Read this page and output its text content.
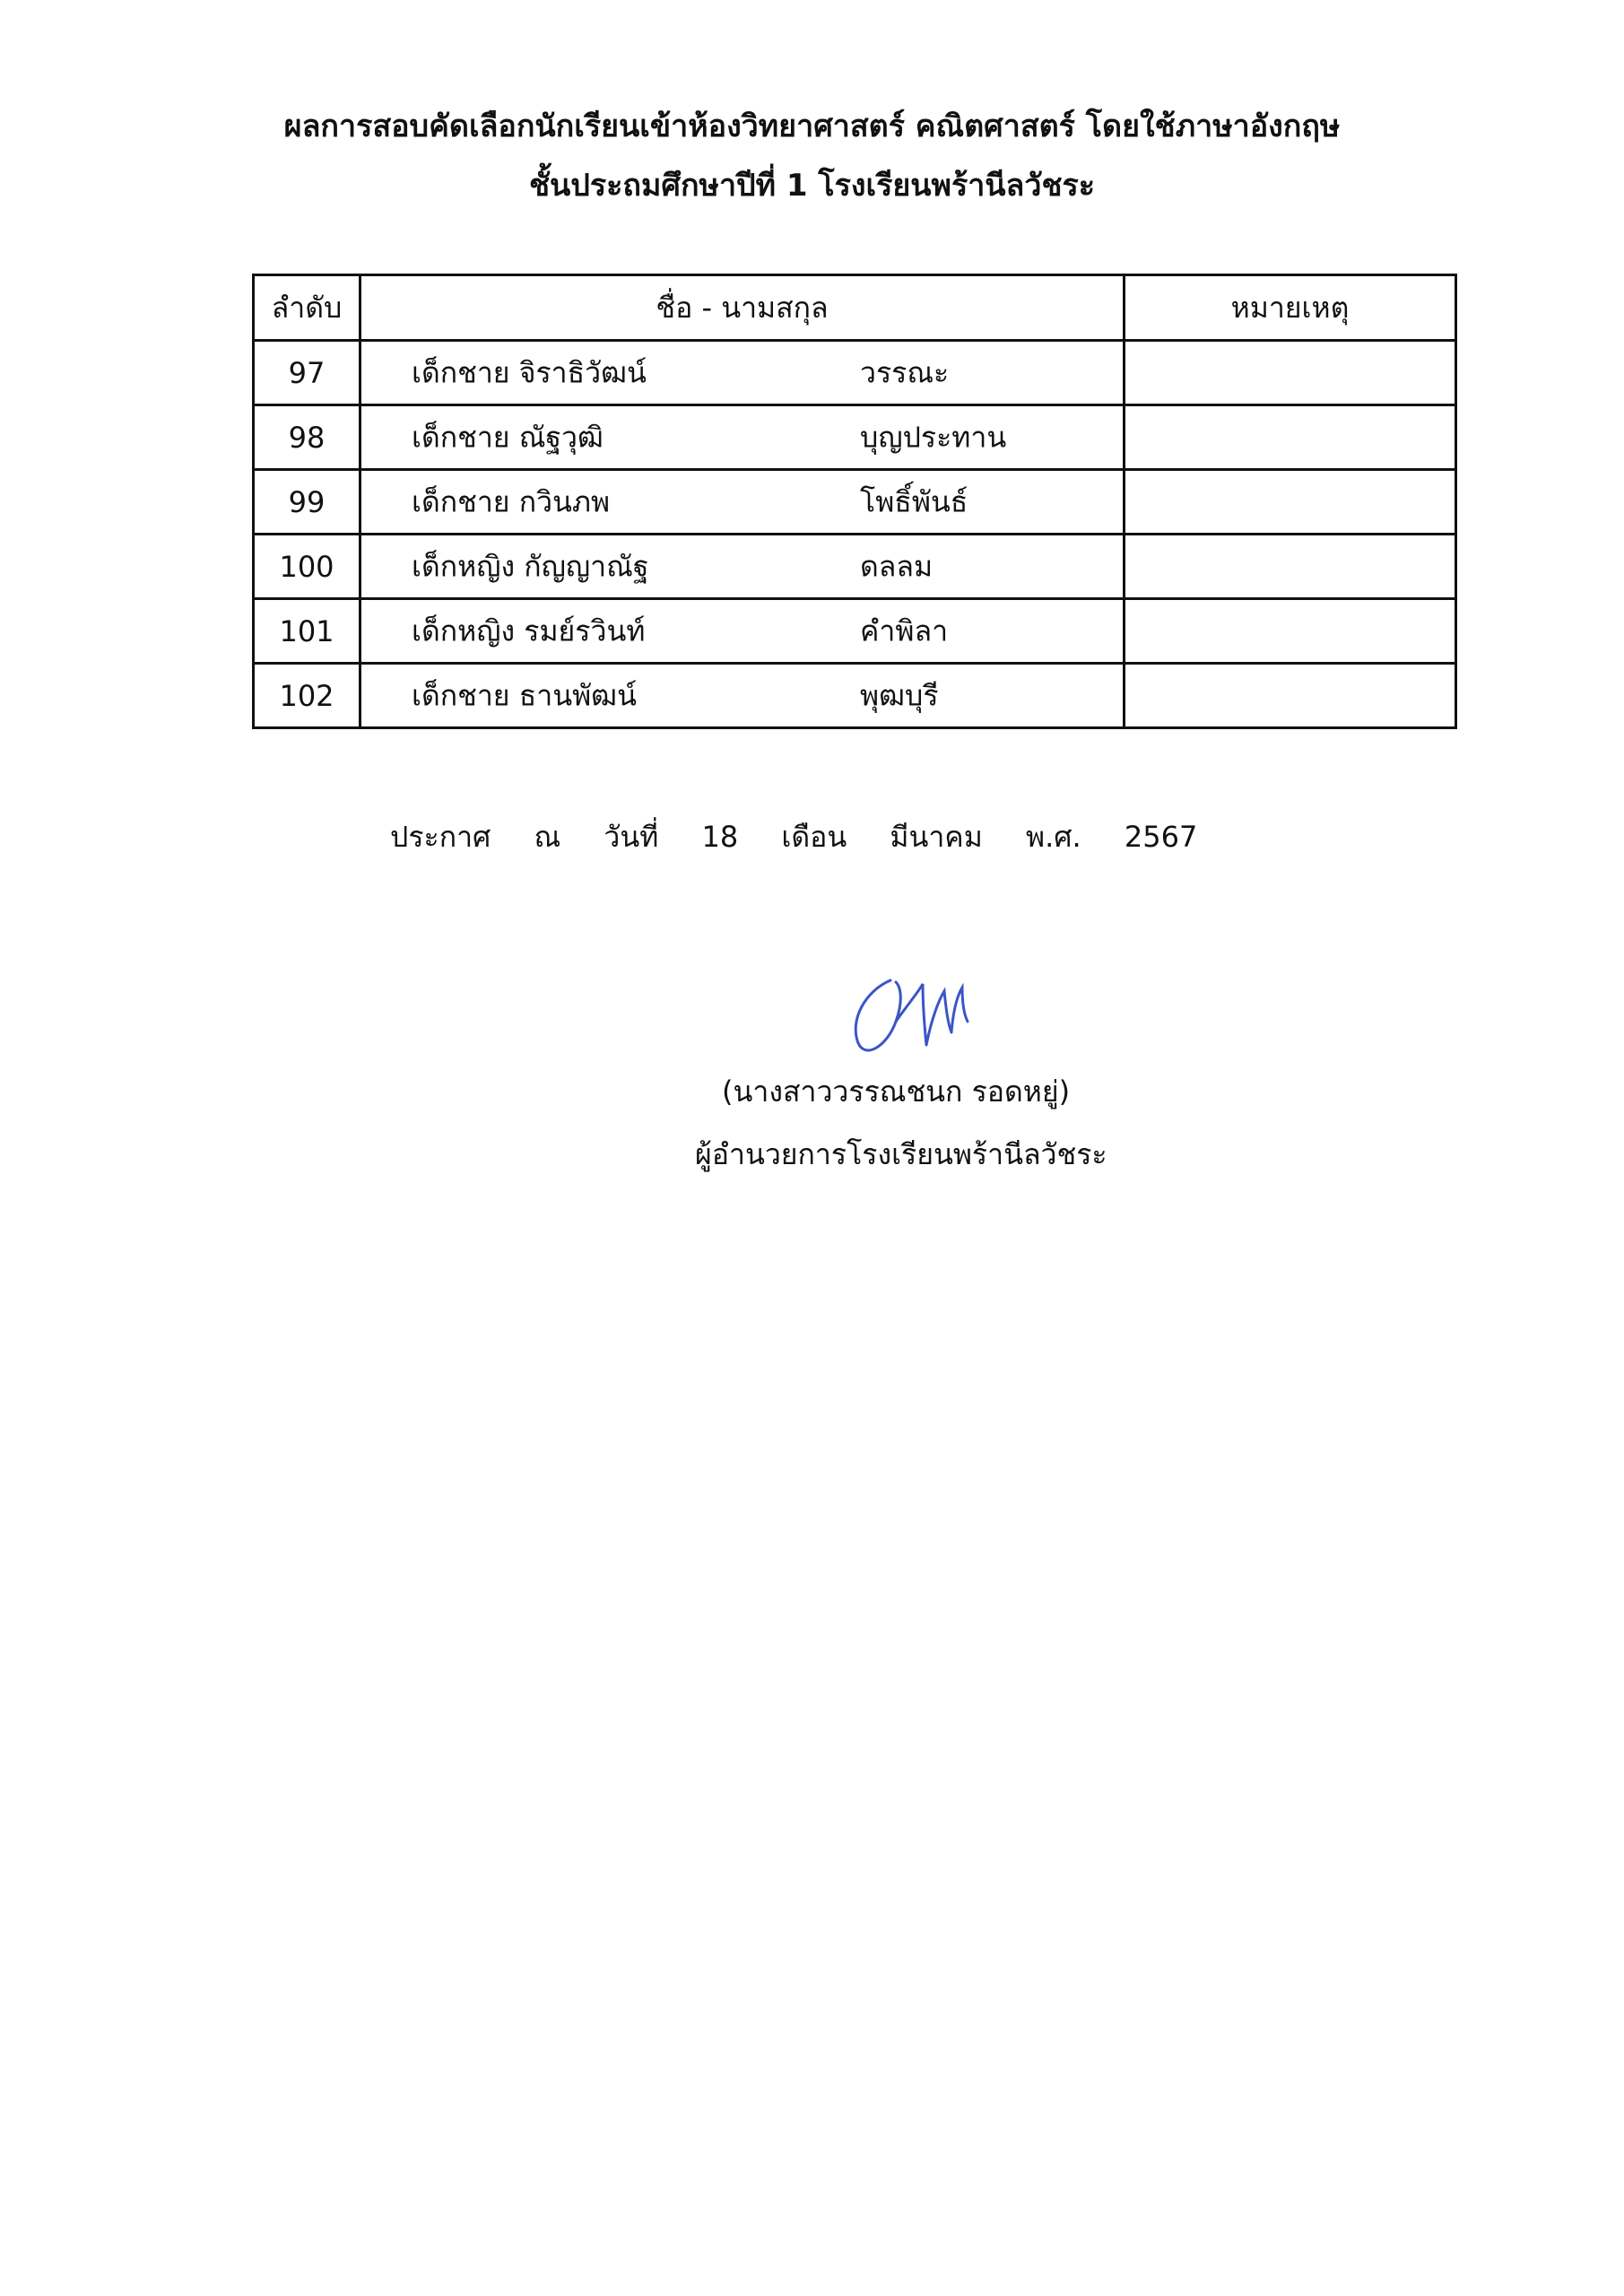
ผลการสอบคัดเลือกนักเรียนเข้าห้องวิทยาศาสตร์ คณิตศาสตร์ โดยใช้ภาษาอังกฤษ
ชั้นประถมศึกษาปีที่ 1 โรงเรียนพร้านีลวัชระ
ลำดับ	ชื่อ - นามสกุล	หมายเหตุ
97	เด็กชาย จิราธิวัฒน์ วรรณะ	

98	เด็กชาย ณัฐวุฒิ บุญประทาน	

99	เด็กชาย กวินภพ โพธิ์พันธ์	

100	เด็กหญิง กัญญาณัฐ ดลลม	

101	เด็กหญิง รมย์รวินท์ คำพิลา	

102	เด็กชาย ธานพัฒน์ พุฒบุรี	

ประกาศ ณ วันที่ 18 เดือน มีนาคม พ.ศ. 2567
(นางสาววรรณชนก รอดหยู่)
ผู้อำนวยการโรงเรียนพร้านีลวัชระ
